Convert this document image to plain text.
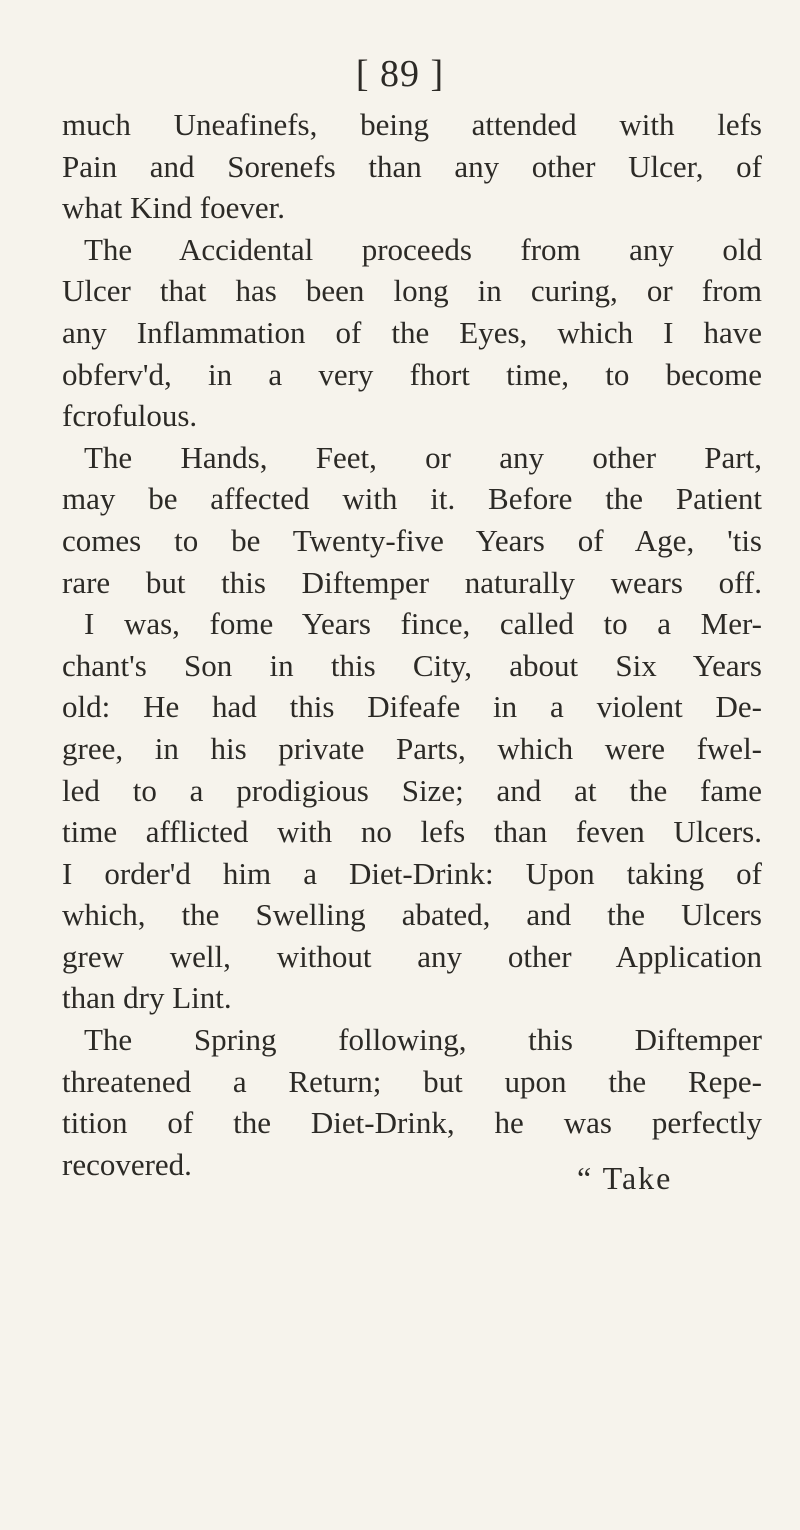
[ 89 ]
much Uneafinefs, being attended with lefs
Pain and Sorenefs than any other Ulcer, of
what Kind foever.
The Accidental proceeds from any old
Ulcer that has been long in curing, or from
any Inflammation of the Eyes, which I have
obferv'd, in a very fhort time, to become
fcrofulous.
The Hands, Feet, or any other Part,
may be affected with it. Before the Patient
comes to be Twenty-five Years of Age, 'tis
rare but this Diftemper naturally wears off.
I was, fome Years fince, called to a Mer-
chant's Son in this City, about Six Years
old: He had this Difeafe in a violent De-
gree, in his private Parts, which were fwel-
led to a prodigious Size; and at the fame
time afflicted with no lefs than feven Ulcers.
I order'd him a Diet-Drink: Upon taking of
which, the Swelling abated, and the Ulcers
grew well, without any other Application
than dry Lint.
The Spring following, this Diftemper
threatened a Return; but upon the Repe-
tition of the Diet-Drink, he was perfectly
recovered.	“ Take
